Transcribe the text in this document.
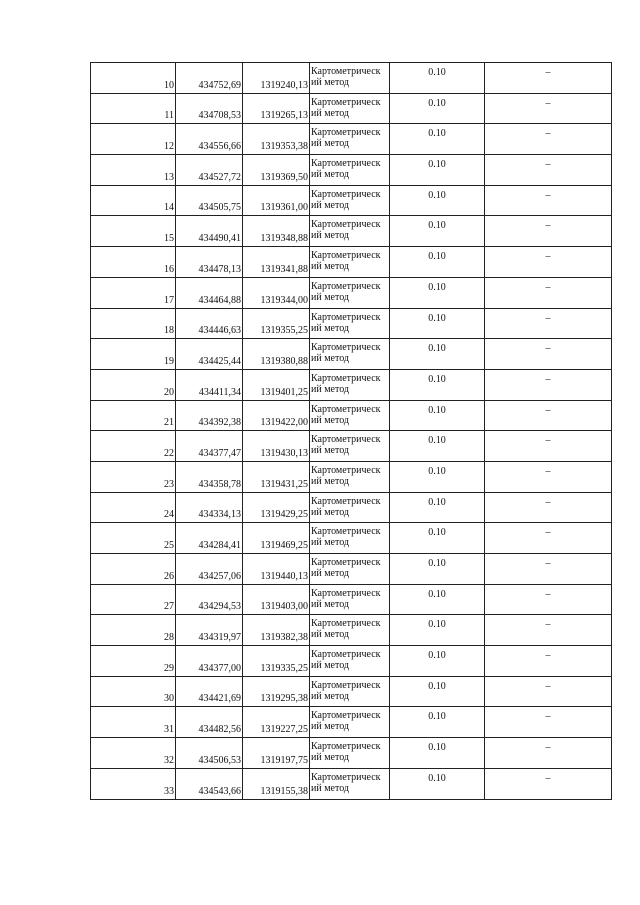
10	434752,69	1319240,13	Картометрическ
ий метод	0.10	–
11	434708,53	1319265,13	Картометрическ
ий метод	0.10	–
12	434556,66	1319353,38	Картометрическ
ий метод	0.10	–
13	434527,72	1319369,50	Картометрическ
ий метод	0.10	–
14	434505,75	1319361,00	Картометрическ
ий метод	0.10	–
15	434490,41	1319348,88	Картометрическ
ий метод	0.10	–
16	434478,13	1319341,88	Картометрическ
ий метод	0.10	–
17	434464,88	1319344,00	Картометрическ
ий метод	0.10	–
18	434446,63	1319355,25	Картометрическ
ий метод	0.10	–
19	434425,44	1319380,88	Картометрическ
ий метод	0.10	–
20	434411,34	1319401,25	Картометрическ
ий метод	0.10	–
21	434392,38	1319422,00	Картометрическ
ий метод	0.10	–
22	434377,47	1319430,13	Картометрическ
ий метод	0.10	–
23	434358,78	1319431,25	Картометрическ
ий метод	0.10	–
24	434334,13	1319429,25	Картометрическ
ий метод	0.10	–
25	434284,41	1319469,25	Картометрическ
ий метод	0.10	–
26	434257,06	1319440,13	Картометрическ
ий метод	0.10	–
27	434294,53	1319403,00	Картометрическ
ий метод	0.10	–
28	434319,97	1319382,38	Картометрическ
ий метод	0.10	–
29	434377,00	1319335,25	Картометрическ
ий метод	0.10	–
30	434421,69	1319295,38	Картометрическ
ий метод	0.10	–
31	434482,56	1319227,25	Картометрическ
ий метод	0.10	–
32	434506,53	1319197,75	Картометрическ
ий метод	0.10	–
33	434543,66	1319155,38	Картометрическ
ий метод	0.10	–
